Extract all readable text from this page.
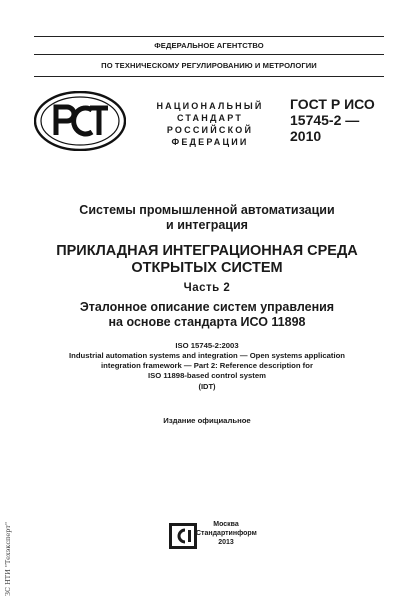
ФЕДЕРАЛЬНОЕ АГЕНТСТВО
ПО ТЕХНИЧЕСКОМУ РЕГУЛИРОВАНИЮ И МЕТРОЛОГИИ
НАЦИОНАЛЬНЫЙ
СТАНДАРТ
РОССИЙСКОЙ
ФЕДЕРАЦИИ
ГОСТ Р ИСО
15745-2 —
2010
Системы промышленной автоматизации
и интеграция
ПРИКЛАДНАЯ ИНТЕГРАЦИОННАЯ СРЕДА
ОТКРЫТЫХ СИСТЕМ
Часть 2
Эталонное описание систем управления
на основе стандарта ИСО 11898
ISO 15745-2:2003
Industrial automation systems and integration — Open systems application
integration framework — Part 2: Reference description for
ISO 11898-based control system
(IDT)
Издание официальное
Москва
Стандартинформ
2013
ЗС НТИ "Техэксперт"
